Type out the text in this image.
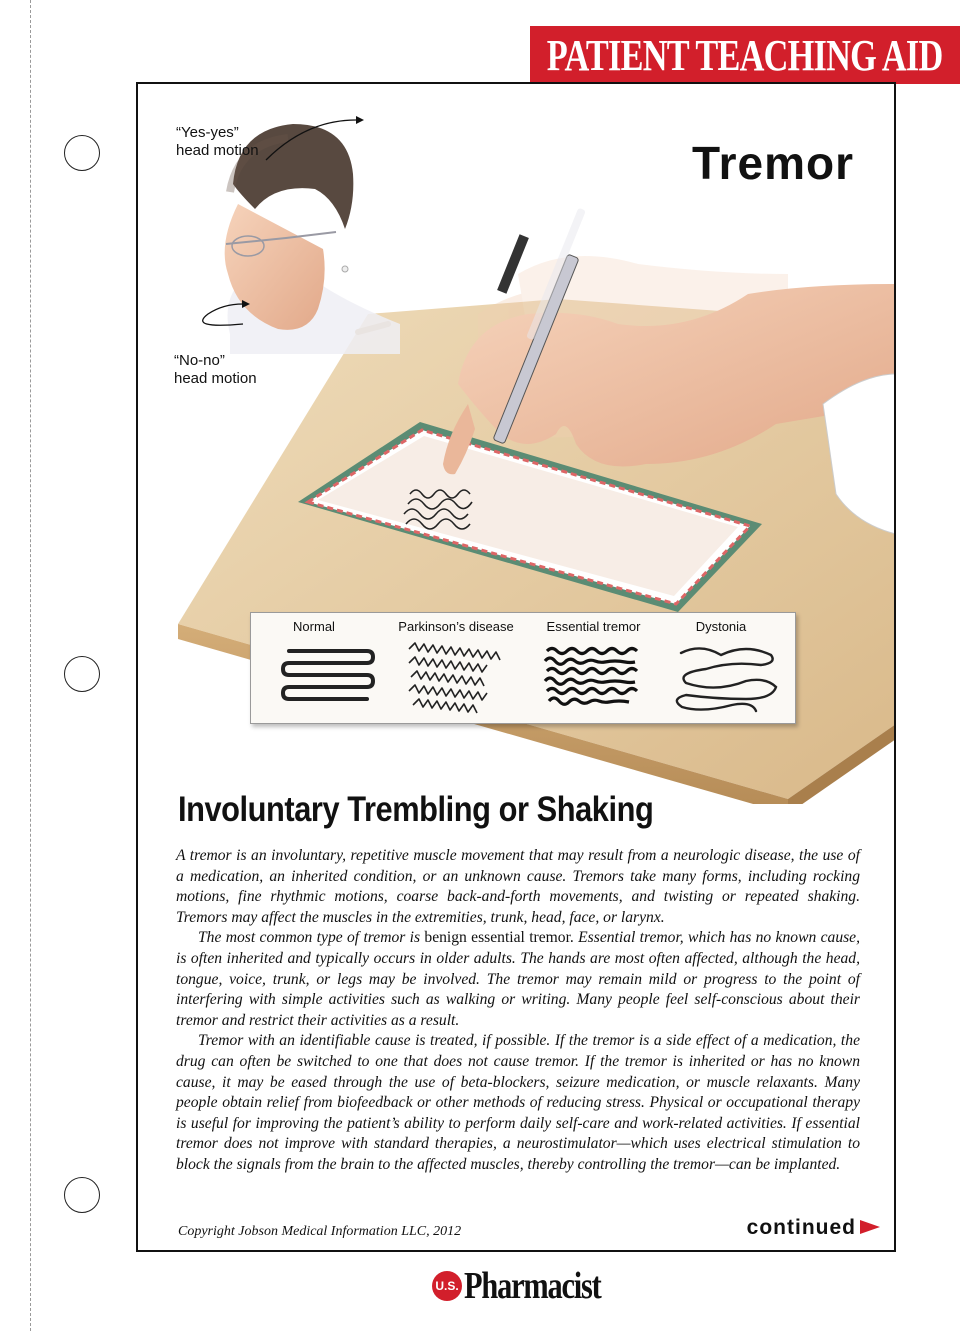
PATIENT TEACHING AID
Tremor
“Yes-yes”
head motion
“No-no”
head motion
Normal	Parkinson’s disease	Essential tremor	Dystonia
Involuntary Trembling or Shaking

A tremor is an involuntary, repetitive muscle movement that may result from a neurologic disease, the use of a medication, an inherited condition, or an unknown cause. Tremors take many forms, including rocking motions, fine rhythmic motions, coarse back-and-forth movements, and twisting or repeated shaking. Tremors may affect the muscles in the extremities, trunk, head, face, or larynx.

The most common type of tremor is benign essential tremor. Essential tremor, which has no known cause, is often inherited and typically occurs in older adults. The hands are most often affected, although the head, tongue, voice, trunk, or legs may be involved. The tremor may remain mild or progress to the point of interfering with simple activities such as walking or writing. Many people feel self-conscious about their tremor and restrict their activities as a result.

Tremor with an identifiable cause is treated, if possible. If the tremor is a side effect of a medication, the drug can often be switched to one that does not cause tremor. If the tremor is inherited or has no known cause, it may be eased through the use of beta-blockers, seizure medication, or muscle relaxants. Many people obtain relief from biofeedback or other methods of reducing stress. Physical or occupational therapy is useful for improving the patient’s ability to perform daily self-care and work-related activities. If essential tremor does not improve with standard therapies, a neurostimulator—which uses electrical stimulation to block the signals from the brain to the affected muscles, thereby controlling the tremor—can be implanted.

Copyright Jobson Medical Information LLC, 2012	continued
U.S. Pharmacist
